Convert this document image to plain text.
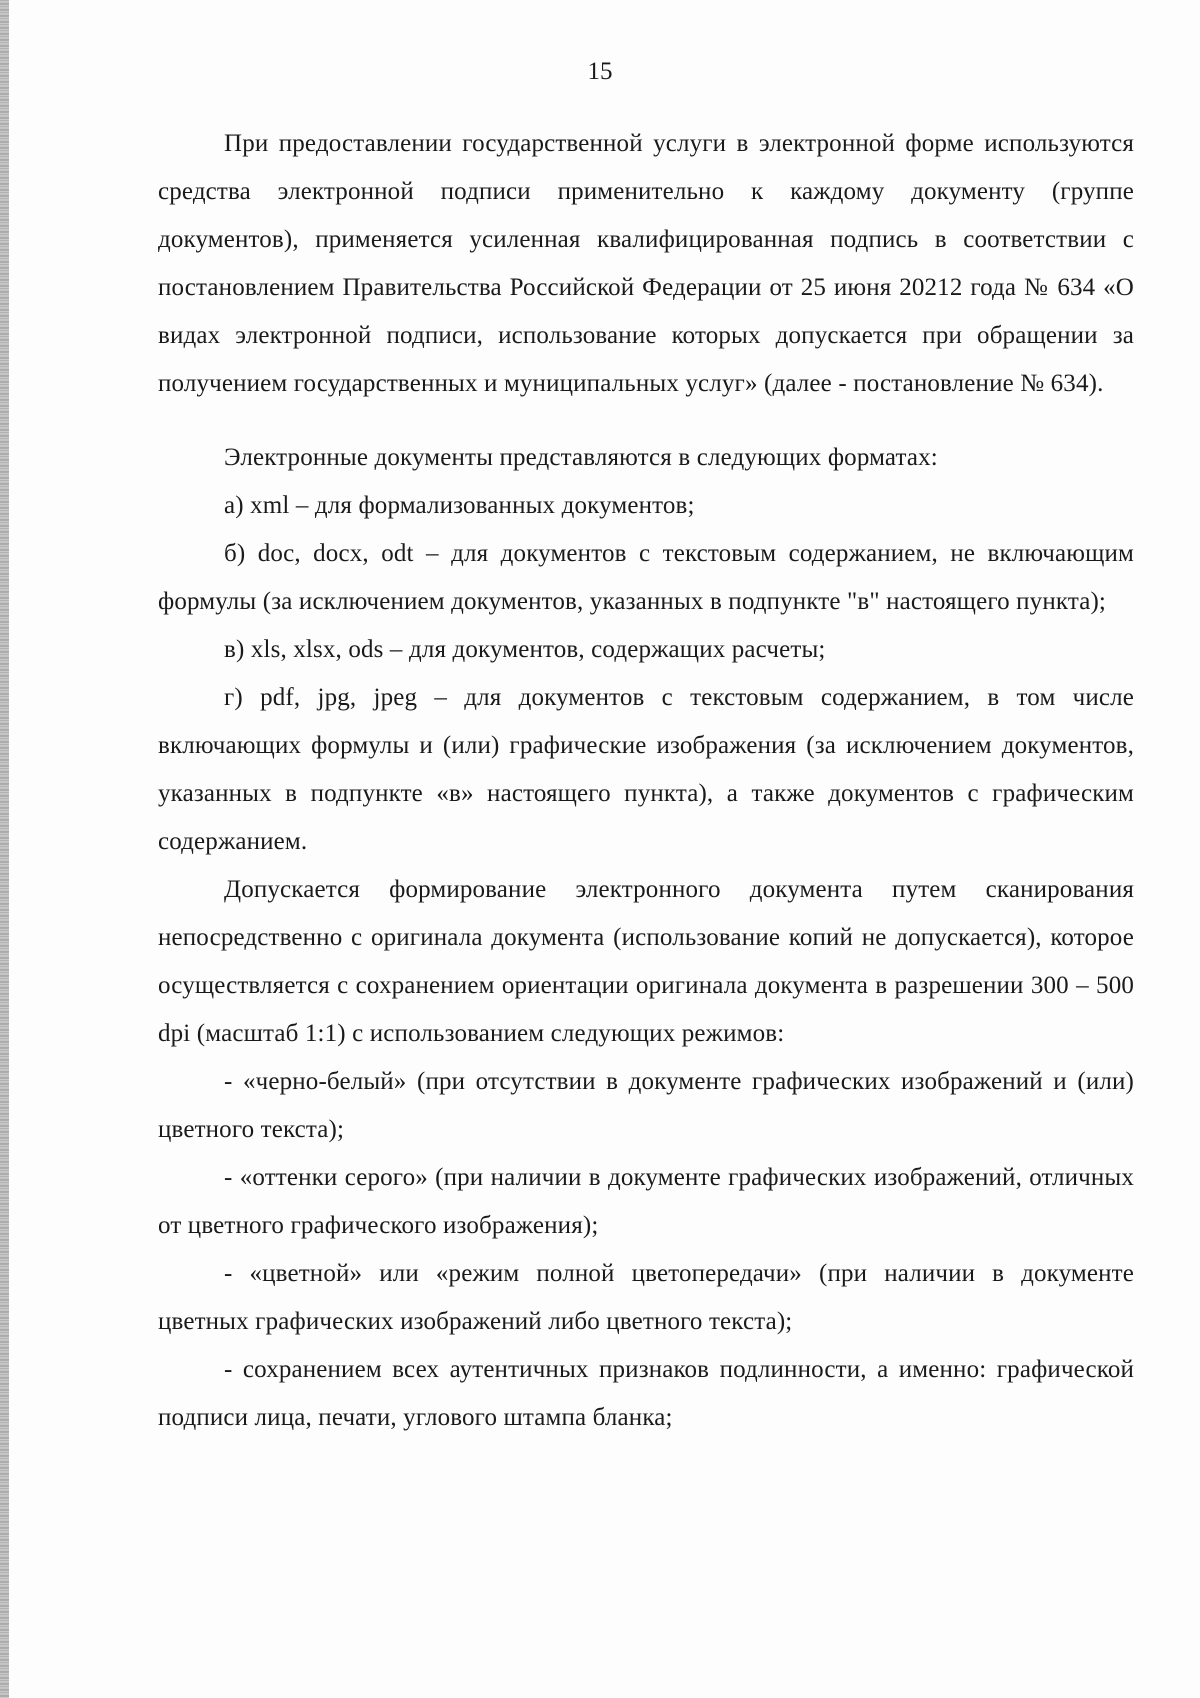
15

При предоставлении государственной услуги в электронной форме используются средства электронной подписи применительно к каждому документу (группе документов), применяется усиленная квалифицированная подпись в соответствии с постановлением Правительства Российской Федерации от 25 июня 20212 года № 634 «О видах электронной подписи, использование которых допускается при обращении за получением государственных и муниципальных услуг» (далее - постановление № 634).

Электронные документы представляются в следующих форматах:

а) xml – для формализованных документов;

б) doc, docx, odt – для документов с текстовым содержанием, не включающим формулы (за исключением документов, указанных в подпункте "в" настоящего пункта);

в) xls, xlsx, ods – для документов, содержащих расчеты;

г) pdf, jpg, jpeg – для документов с текстовым содержанием, в том числе включающих формулы и (или) графические изображения (за исключением документов, указанных в подпункте «в» настоящего пункта), а также документов с графическим содержанием.

Допускается формирование электронного документа путем сканирования непосредственно с оригинала документа (использование копий не допускается), которое осуществляется с сохранением ориентации оригинала документа в разрешении 300 – 500 dpi (масштаб 1:1) с использованием следующих режимов:

- «черно-белый» (при отсутствии в документе графических изображений и (или) цветного текста);

- «оттенки серого» (при наличии в документе графических изображений, отличных от цветного графического изображения);

- «цветной» или «режим полной цветопередачи» (при наличии в документе цветных графических изображений либо цветного текста);

- сохранением всех аутентичных признаков подлинности, а именно: графической подписи лица, печати, углового штампа бланка;
